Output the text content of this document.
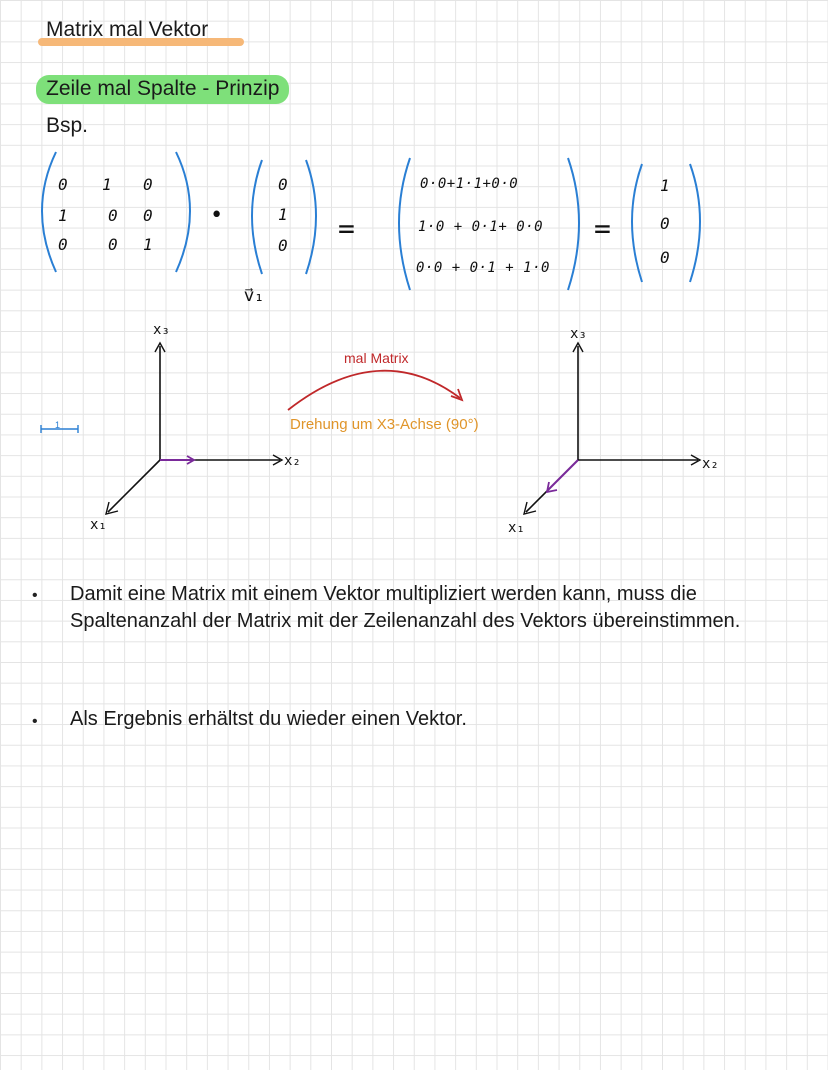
Matrix mal Vektor
Zeile mal Spalte - Prinzip
Bsp.
0 1 0
1	0 0
0	0 1
•
0
1
0
v⃗₁
=
0·0+1·1+0·0
1·0 + 0·1+ 0·0
0·0 + 0·1 + 1·0
=
1
0
0
x₃
x₂
x₁
1
mal Matrix
Drehung um X3-Achse (90°)
x₃
x₂
x₁
• Damit eine Matrix mit einem Vektor multipliziert werden kann, muss die Spaltenanzahl der Matrix mit der Zeilenanzahl des Vektors übereinstimmen.
• Als Ergebnis erhältst du wieder einen Vektor.
